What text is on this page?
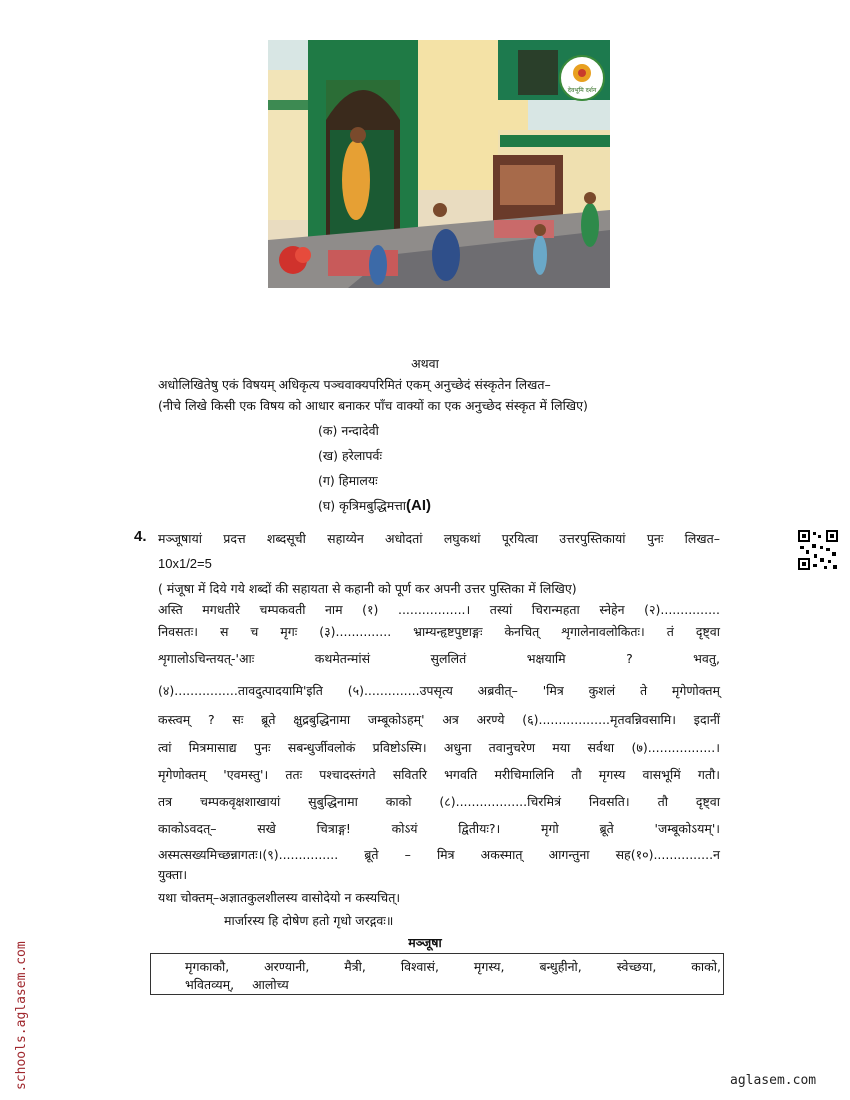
देवभूमि दर्शन
अथवा
अधोलिखितेषु एकं विषयम् अधिकृत्य पञ्चवाक्यपरिमितं एकम् अनुच्छेदं संस्कृतेन लिखत–
(नीचे लिखे किसी एक विषय को आधार बनाकर पाँच वाक्यों का एक अनुच्छेद संस्कृत में लिखिए)
(क) नन्दादेवी
(ख) हरेलापर्वः
(ग) हिमालयः
(घ) कृत्रिमबुद्धिमत्ता(AI)
4. मञ्जूषायां प्रदत्त शब्दसूची सहाय्येन अधोदतां लघुकथां पूरयित्वा उत्तरपुस्तिकायां पुनः लिखत–
10x1/2=5
( मंजूषा में दिये गये शब्दों की सहायता से कहानी को पूर्ण कर अपनी उत्तर पुस्तिका में लिखिए)
अस्ति मगधतीरे चम्पकवती नाम (१) .................। तस्यां चिरान्महता स्नेहेन (२)...............
निवसतः। स च मृगः (३).............. भ्राम्यन्हृष्टपुष्टाङ्गः केनचित् शृगालेनावलोकितः। तं दृष्ट्वा
शृगालोऽचिन्तयत्-'आः कथमेतन्मांसं सुललितं भक्षयामि ? भवतु,
(४)................तावदुत्पादयामि'इति (५)..............उपसृत्य अब्रवीत्– 'मित्र कुशलं ते मृगेणोक्तम्
कस्त्वम् ? सः ब्रूते क्षुद्रबुद्धिनामा जम्बूकोऽहम्' अत्र अरण्ये (६)..................मृतवन्निवसामि। इदानीं
त्वां मित्रमासाद्य पुनः सबन्धुर्जीवलोकं प्रविष्टोऽस्मि। अधुना तवानुचरेण मया सर्वथा (७).................।
मृगेणोक्तम् 'एवमस्तु'। ततः पश्चादस्तंगते सवितरि भगवति मरीचिमालिनि तौ मृगस्य वासभूमिं गतौ।
तत्र चम्पकवृक्षशाखायां सुबुद्धिनामा काको (८)..................चिरमित्रं निवसति। तौ दृष्ट्वा
काकोऽवदत्– सखे चित्राङ्ग! कोऽयं द्वितीयः?। मृगो ब्रूते 'जम्बूकोऽयम्'।
अस्मत्सख्यमिच्छन्नागतः।(९)............... ब्रूते – मित्र अकस्मात् आगन्तुना सह(१०)...............न
युक्ता।
यथा चोक्तम्–अज्ञातकुलशीलस्य वासोदेयो न कस्यचित्।
मार्जारस्य हि दोषेण हतो गृधो जरद्गवः॥
मञ्जूषा
मृगकाकौ,	अरण्यानी,	मैत्री,	विश्वासं,	मृगस्य,	बन्धुहीनो,	स्वेच्छया,	काको,
भवितव्यम्, आलोच्य
schools.aglasem.com	aglasem.com
